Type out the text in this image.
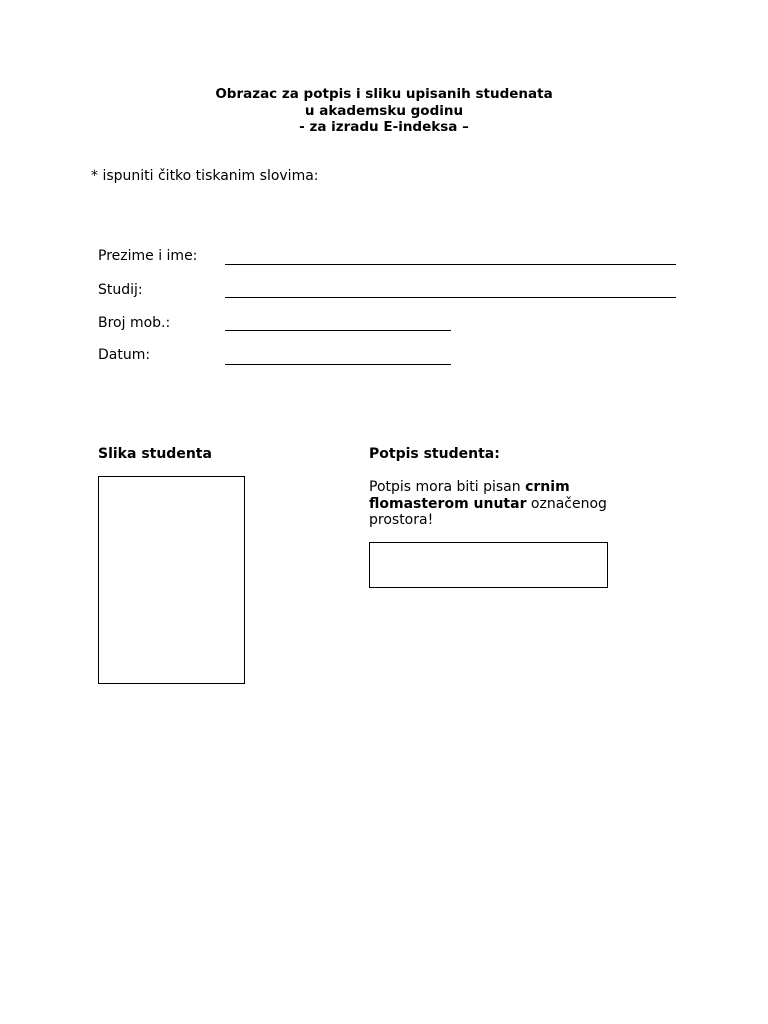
Obrazac za potpis i sliku upisanih studenata
u akademsku godinu
- za izradu E-indeksa –
* ispuniti čitko tiskanim slovima:
Prezime i ime:
Studij:
Broj mob.:
Datum:
Slika studenta	Potpis studenta:
Potpis mora biti pisan crnim flomasterom unutar označenog prostora!
